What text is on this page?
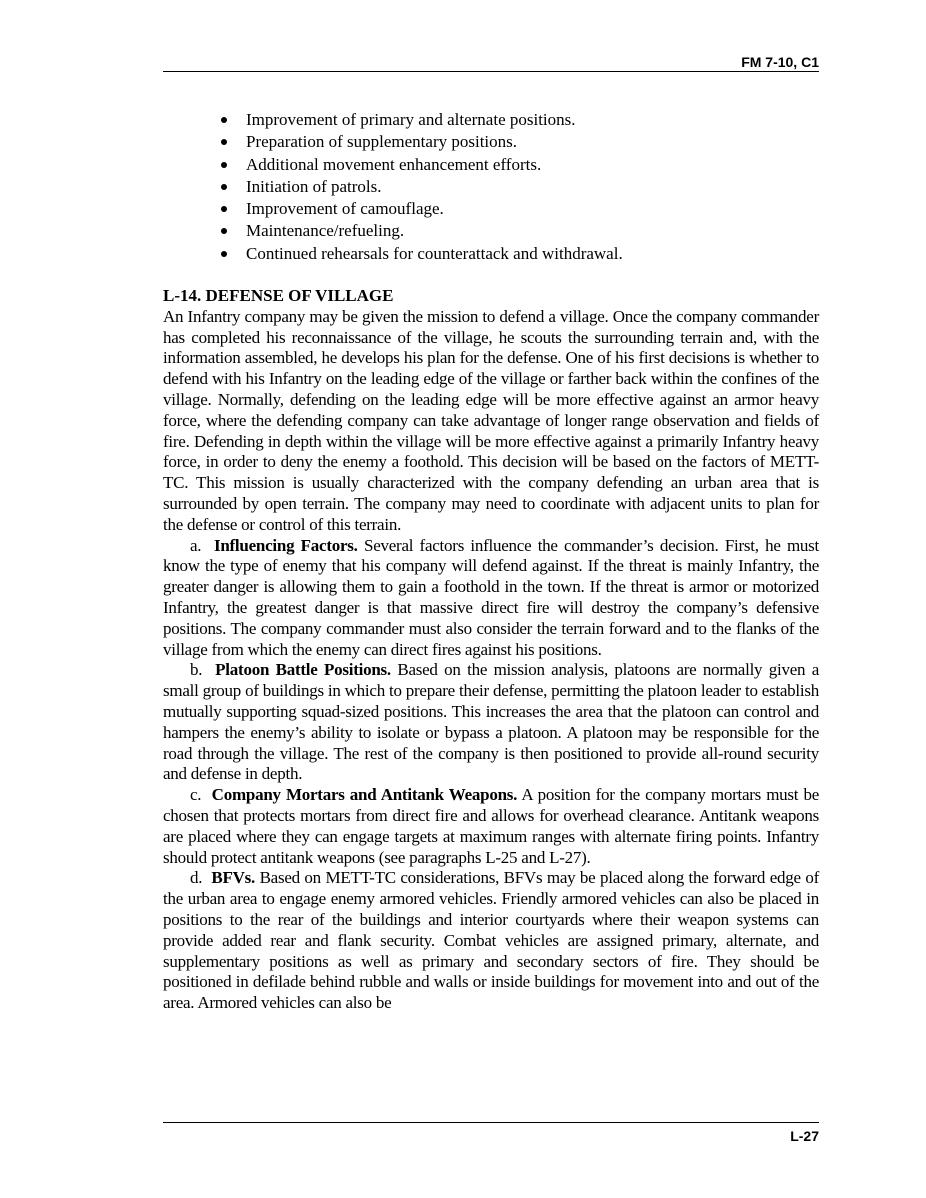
FM 7-10, C1
Improvement of primary and alternate positions.
Preparation of supplementary positions.
Additional movement enhancement efforts.
Initiation of patrols.
Improvement of camouflage.
Maintenance/refueling.
Continued rehearsals for counterattack and withdrawal.

L-14. DEFENSE OF VILLAGE

An Infantry company may be given the mission to defend a village. Once the company commander has completed his reconnaissance of the village, he scouts the surrounding terrain and, with the information assembled, he develops his plan for the defense. One of his first decisions is whether to defend with his Infantry on the leading edge of the village or farther back within the confines of the village. Normally, defending on the leading edge will be more effective against an armor heavy force, where the defending company can take advantage of longer range observation and fields of fire. Defending in depth within the village will be more effective against a primarily Infantry heavy force, in order to deny the enemy a foothold. This decision will be based on the factors of METT-TC. This mission is usually characterized with the company defending an urban area that is surrounded by open terrain. The company may need to coordinate with adjacent units to plan for the defense or control of this terrain.

a. Influencing Factors. Several factors influence the commander’s decision. First, he must know the type of enemy that his company will defend against. If the threat is mainly Infantry, the greater danger is allowing them to gain a foothold in the town. If the threat is armor or motorized Infantry, the greatest danger is that massive direct fire will destroy the company’s defensive positions. The company commander must also consider the terrain forward and to the flanks of the village from which the enemy can direct fires against his positions.

b. Platoon Battle Positions. Based on the mission analysis, platoons are normally given a small group of buildings in which to prepare their defense, permitting the platoon leader to establish mutually supporting squad-sized positions. This increases the area that the platoon can control and hampers the enemy’s ability to isolate or bypass a platoon. A platoon may be responsible for the road through the village. The rest of the company is then positioned to provide all-round security and defense in depth.

c. Company Mortars and Antitank Weapons. A position for the company mortars must be chosen that protects mortars from direct fire and allows for overhead clearance. Antitank weapons are placed where they can engage targets at maximum ranges with alternate firing points. Infantry should protect antitank weapons (see paragraphs L-25 and L-27).

d. BFVs. Based on METT-TC considerations, BFVs may be placed along the forward edge of the urban area to engage enemy armored vehicles. Friendly armored vehicles can also be placed in positions to the rear of the buildings and interior courtyards where their weapon systems can provide added rear and flank security. Combat vehicles are assigned primary, alternate, and supplementary positions as well as primary and secondary sectors of fire. They should be positioned in defilade behind rubble and walls or inside buildings for movement into and out of the area. Armored vehicles can also be

L-27
